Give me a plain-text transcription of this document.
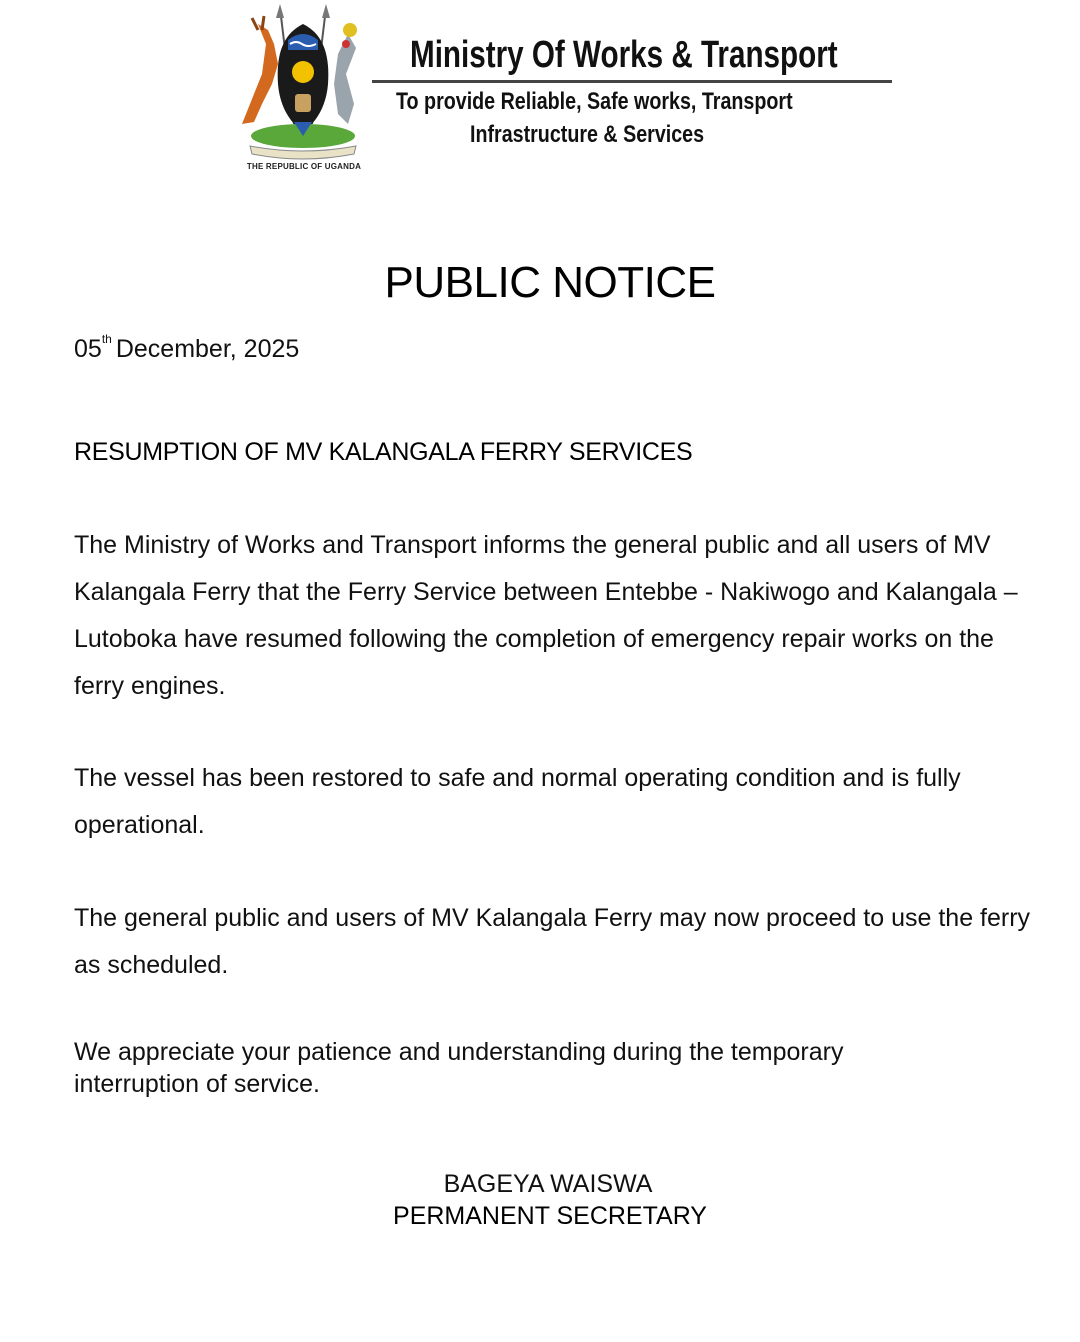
THE REPUBLIC OF UGANDA
Ministry Of Works & Transport
To provide Reliable, Safe works, Transport
Infrastructure & Services
PUBLIC NOTICE
05th December, 2025
RESUMPTION OF MV KALANGALA FERRY SERVICES
The Ministry of Works and Transport informs the general public and all users of MV Kalangala Ferry that the Ferry Service between Entebbe - Nakiwogo and Kalangala – Lutoboka have resumed following the completion of emergency repair works on the ferry engines.
The vessel has been restored to safe and normal operating condition and is fully operational.
The general public and users of MV Kalangala Ferry may now proceed to use the ferry as scheduled.
We appreciate your patience and understanding during the temporary interruption of service.
BAGEYA WAISWA
PERMANENT SECRETARY
